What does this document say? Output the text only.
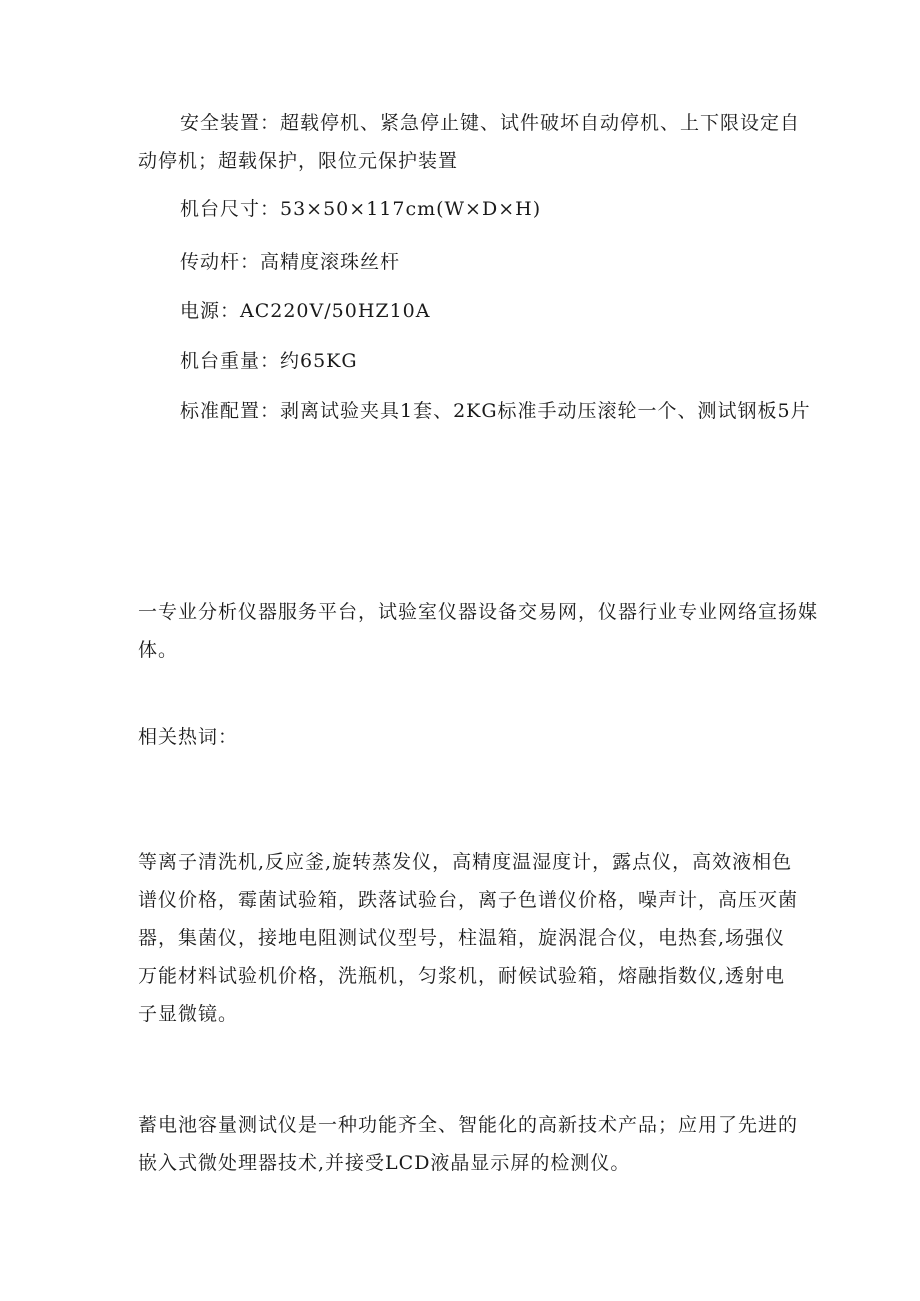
安全装置：超载停机、紧急停止键、试件破坏自动停机、上下限设定自动停机；超载保护，限位元保护装置

机台尺寸：53×50×117cm(W×D×H)

传动杆：高精度滚珠丝杆

电源：AC220V/50HZ10A

机台重量：约65KG

标准配置：剥离试验夹具1套、2KG标准手动压滚轮一个、测试钢板5片

一专业分析仪器服务平台，试验室仪器设备交易网，仪器行业专业网络宣扬媒体。

相关热词：

等离子清洗机,反应釜,旋转蒸发仪，高精度温湿度计，露点仪，高效液相色谱仪价格，霉菌试验箱，跌落试验台，离子色谱仪价格，噪声计，高压灭菌器，集菌仪，接地电阻测试仪型号，柱温箱，旋涡混合仪，电热套,场强仪万能材料试验机价格，洗瓶机，匀浆机，耐候试验箱，熔融指数仪,透射电子显微镜。

蓄电池容量测试仪是一种功能齐全、智能化的高新技术产品；应用了先进的嵌入式微处理器技术,并接受LCD液晶显示屏的检测仪。
